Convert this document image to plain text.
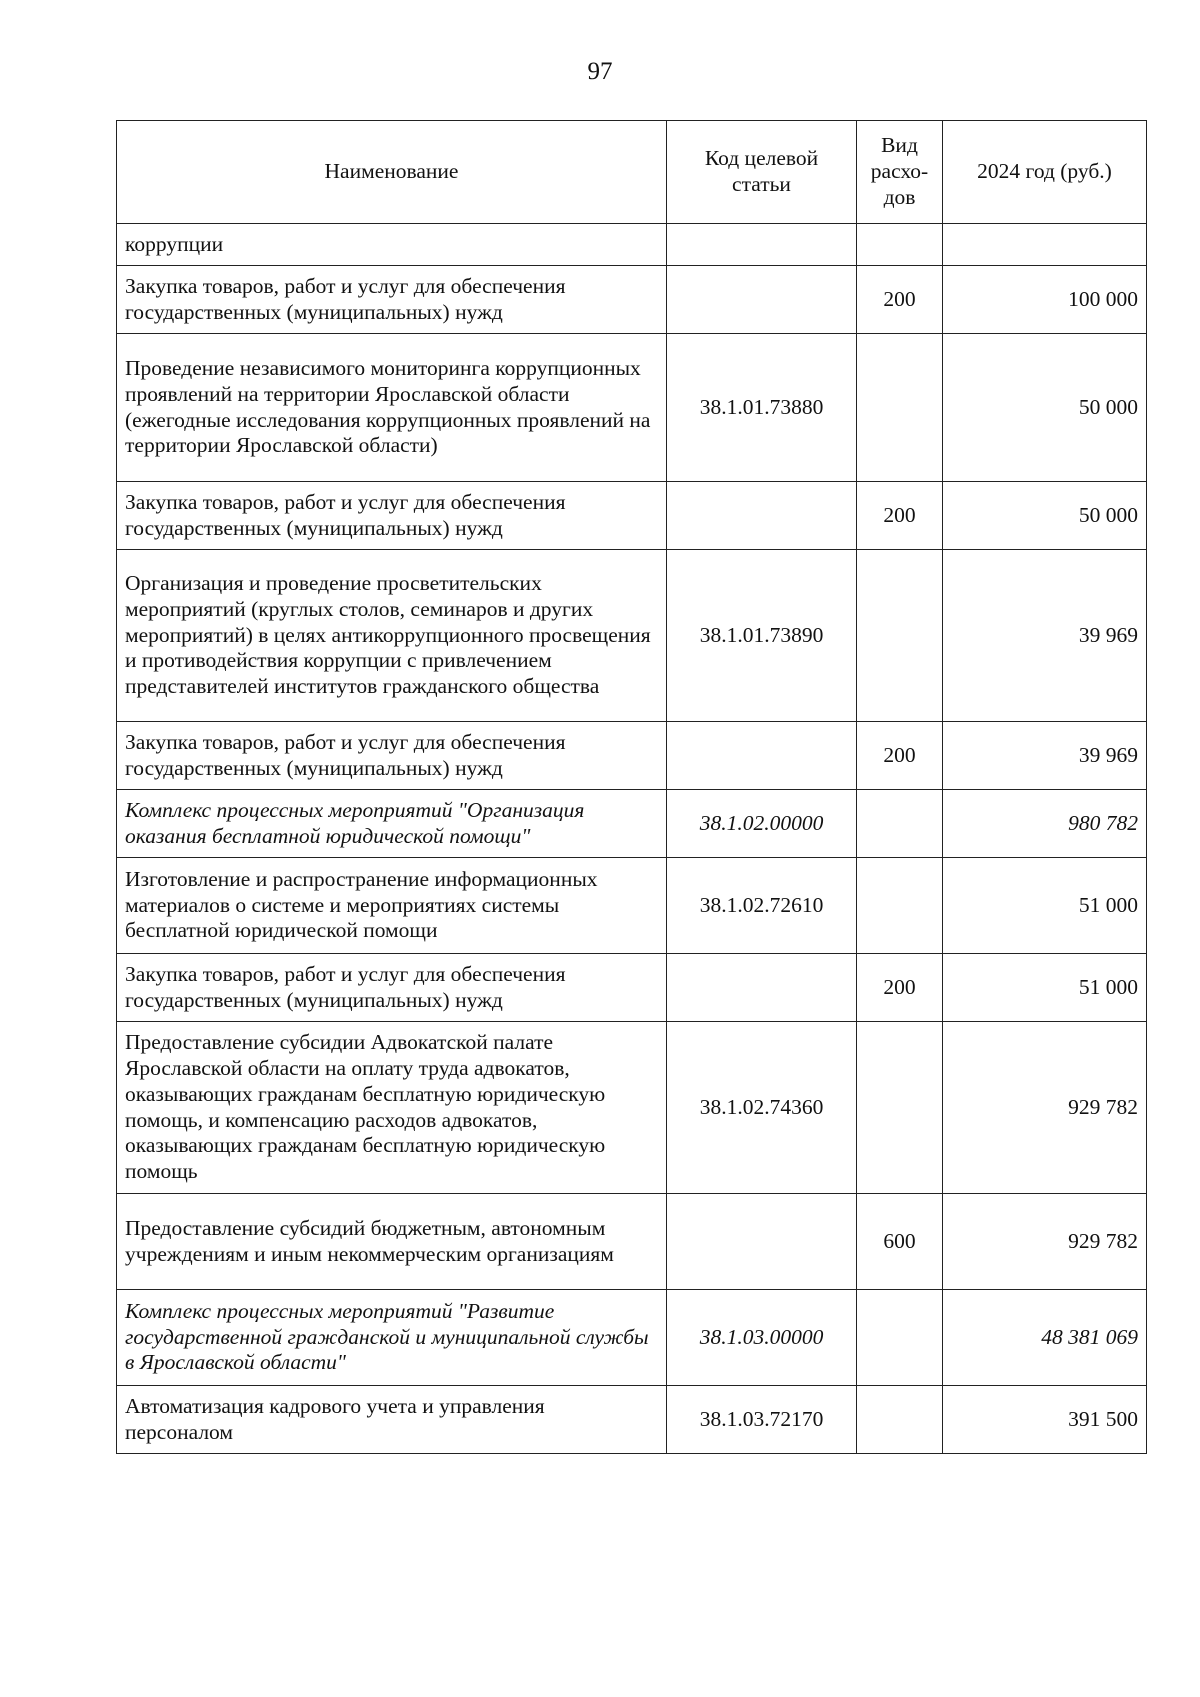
97
Наименование	Код целевой статьи	Вид расхо-дов	2024 год (руб.)
коррупции			
Закупка товаров, работ и услуг для обеспечения государственных (муниципальных) нужд		200	100 000
Проведение независимого мониторинга коррупционных проявлений на территории Ярославской области (ежегодные исследования коррупционных проявлений на территории Ярославской области)	38.1.01.73880		50 000
Закупка товаров, работ и услуг для обеспечения государственных (муниципальных) нужд		200	50 000
Организация и проведение просветительских мероприятий (круглых столов, семинаров и других мероприятий) в целях антикоррупционного просвещения и противодействия коррупции с привлечением представителей институтов гражданского общества	38.1.01.73890		39 969
Закупка товаров, работ и услуг для обеспечения государственных (муниципальных) нужд		200	39 969
Комплекс процессных мероприятий "Организация оказания бесплатной юридической помощи"	38.1.02.00000		980 782
Изготовление и распространение информационных материалов о системе и мероприятиях системы бесплатной юридической помощи	38.1.02.72610		51 000
Закупка товаров, работ и услуг для обеспечения государственных (муниципальных) нужд		200	51 000
Предоставление субсидии Адвокатской палате Ярославской области на оплату труда адвокатов, оказывающих гражданам бесплатную юридическую помощь, и компенсацию расходов адвокатов, оказывающих гражданам бесплатную юридическую помощь	38.1.02.74360		929 782
Предоставление субсидий бюджетным, автономным учреждениям и иным некоммерческим организациям		600	929 782
Комплекс процессных мероприятий "Развитие государственной гражданской и муниципальной службы в Ярославской области"	38.1.03.00000		48 381 069
Автоматизация кадрового учета и управления персоналом	38.1.03.72170		391 500
